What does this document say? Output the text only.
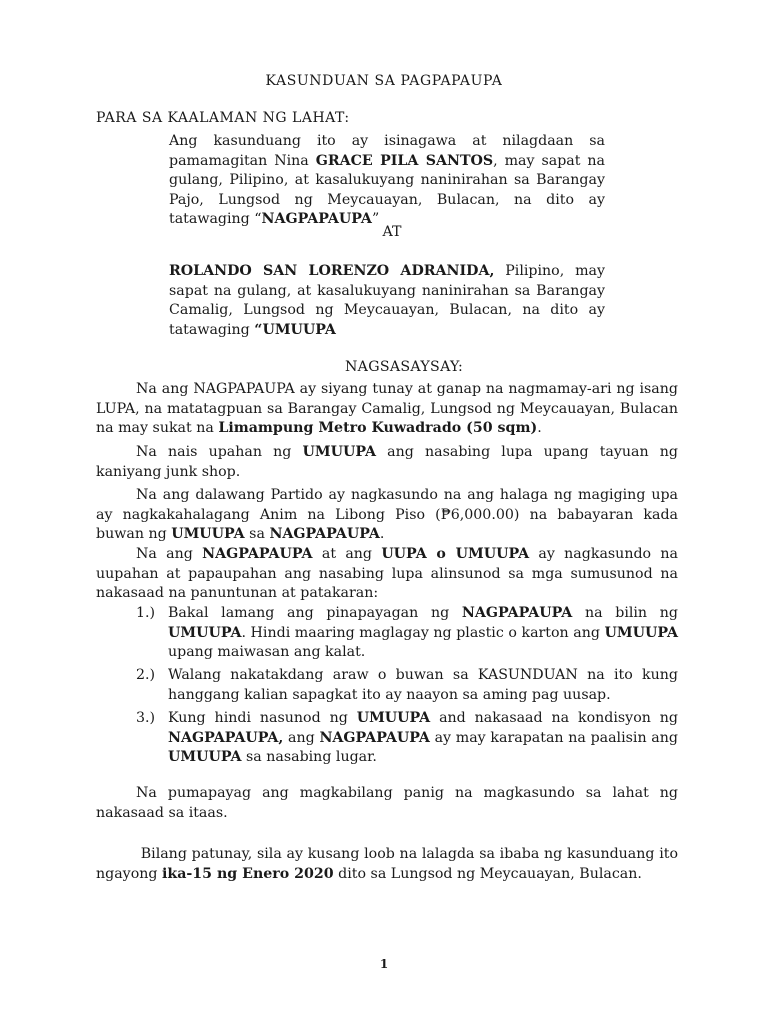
KASUNDUAN SA PAGPAPAUPA
PARA SA KAALAMAN NG LAHAT:
Ang kasunduang ito ay isinagawa at nilagdaan sa pamamagitan Nina GRACE PILA SANTOS, may sapat na gulang, Pilipino, at kasalukuyang naninirahan sa Barangay Pajo, Lungsod ng Meycauayan, Bulacan, na dito ay tatawaging “NAGPAPAUPA”
AT
ROLANDO SAN LORENZO ADRANIDA, Pilipino, may sapat na gulang, at kasalukuyang naninirahan sa Barangay Camalig, Lungsod ng Meycauayan, Bulacan, na dito ay tatawaging “UMUUPA
NAGSASAYSAY:
Na ang NAGPAPAUPA ay siyang tunay at ganap na nagmamay-ari ng isang LUPA, na matatagpuan sa Barangay Camalig, Lungsod ng Meycauayan, Bulacan na may sukat na Limampung Metro Kuwadrado (50 sqm).
Na nais upahan ng UMUUPA ang nasabing lupa upang tayuan ng kaniyang junk shop.
Na ang dalawang Partido ay nagkasundo na ang halaga ng magiging upa ay nagkakahalagang Anim na Libong Piso (₱6,000.00) na babayaran kada buwan ng UMUUPA sa NAGPAPAUPA.
Na ang NAGPAPAUPA at ang UUPA o UMUUPA ay nagkasundo na uupahan at papaupahan ang nasabing lupa alinsunod sa mga sumusunod na nakasaad na panuntunan at patakaran:
1.) Bakal lamang ang pinapayagan ng NAGPAPAUPA na bilin ng UMUUPA. Hindi maaring maglagay ng plastic o karton ang UMUUPA upang maiwasan ang kalat.
2.) Walang nakatakdang araw o buwan sa KASUNDUAN na ito kung hanggang kalian sapagkat ito ay naayon sa aming pag uusap.
3.) Kung hindi nasunod ng UMUUPA and nakasaad na kondisyon ng NAGPAPAUPA, ang NAGPAPAUPA ay may karapatan na paalisin ang UMUUPA sa nasabing lugar.
Na pumapayag ang magkabilang panig na magkasundo sa lahat ng nakasaad sa itaas.
Bilang patunay, sila ay kusang loob na lalagda sa ibaba ng kasunduang ito ngayong ika-15 ng Enero 2020 dito sa Lungsod ng Meycauayan, Bulacan.
1
